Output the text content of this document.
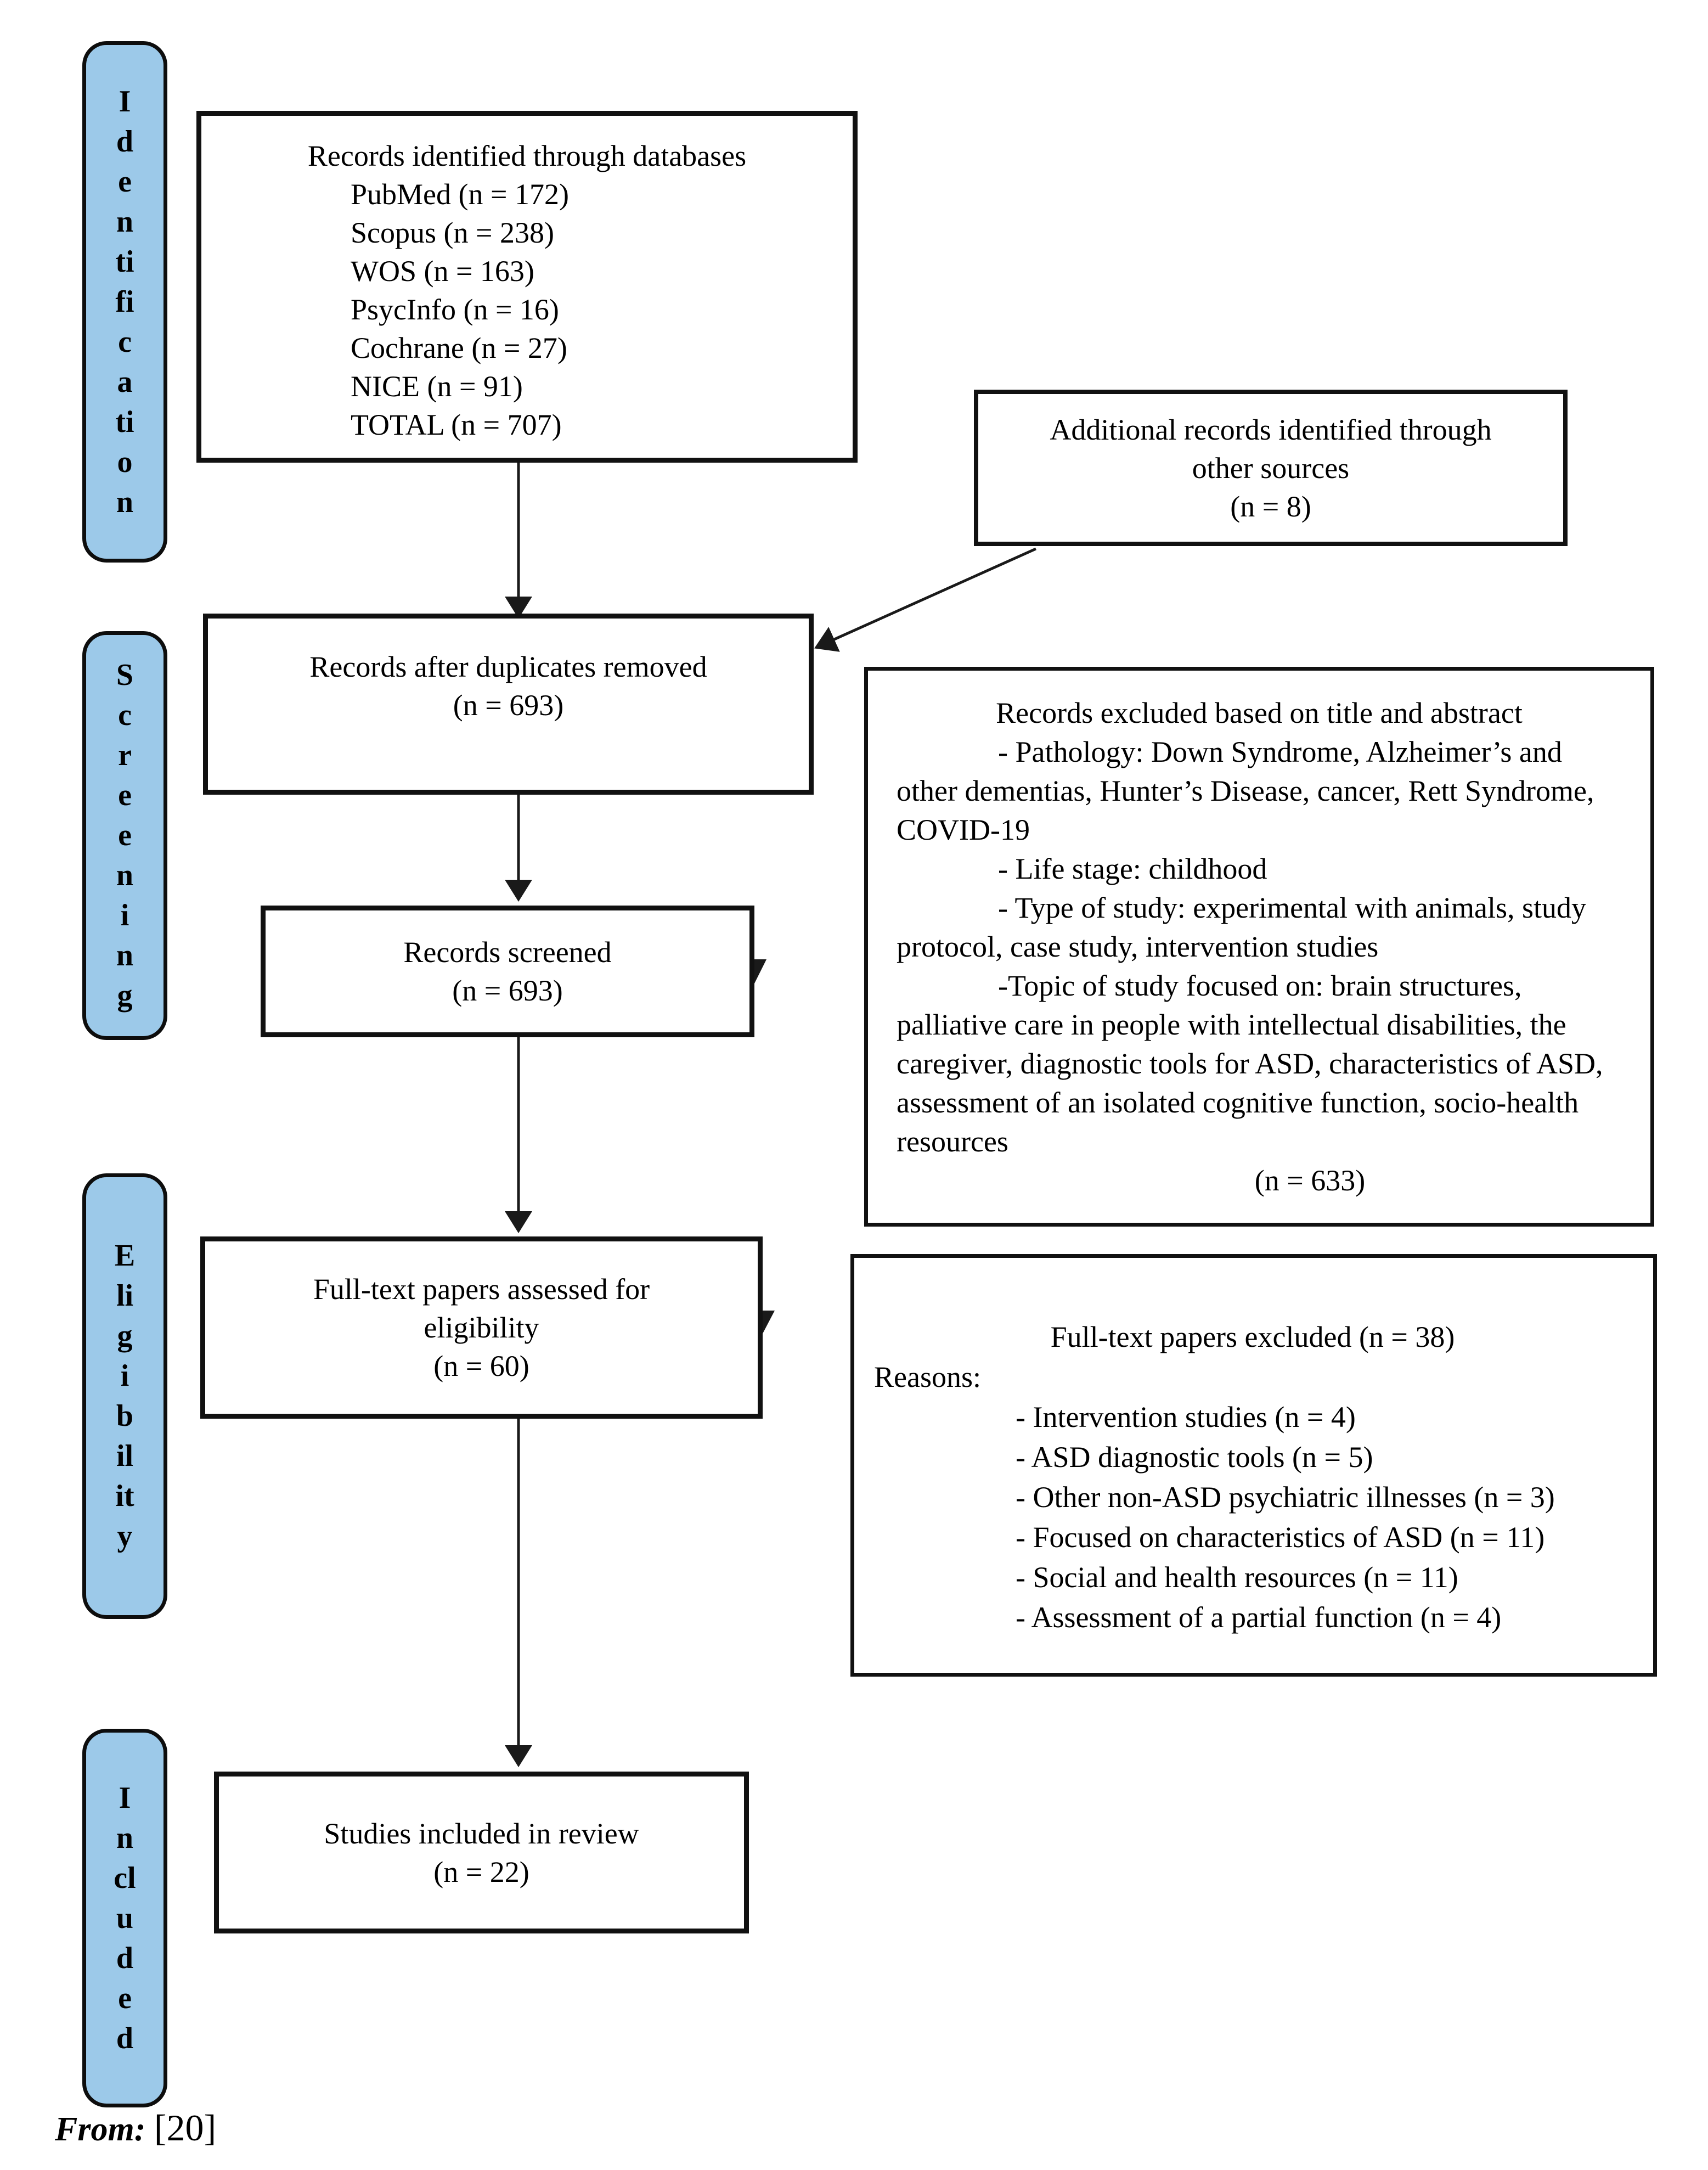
I
d
e
n
ti
fi
c
a
ti
o
n
S
c
r
e
e
n
i
n
g
E
li
g
i
b
il
it
y
I
n
cl
u
d
e
d
Records identified through databases
PubMed (n = 172)
Scopus (n = 238)
WOS (n = 163)
PsycInfo (n = 16)
Cochrane (n = 27)
NICE (n = 91)
TOTAL (n = 707)	Additional records identified through
other sources
(n = 8)
Records after duplicates removed
(n = 693)
Records screened
(n = 693)
Records excluded based on title and abstract

- Pathology: Down Syndrome, Alzheimer’s and other dementias, Hunter’s Disease, cancer, Rett Syndrome, COVID-19

- Life stage: childhood

- Type of study: experimental with animals, study protocol, case study, intervention studies

-Topic of study focused on: brain structures, palliative care in people with intellectual disabilities, the caregiver, diagnostic tools for ASD, characteristics of ASD, assessment of an isolated cognitive function, socio-health resources

(n = 633)

Full-text papers assessed for
eligibility
(n = 60)
Full-text papers excluded (n = 38)
Reasons:
- Intervention studies (n = 4)
- ASD diagnostic tools (n = 5)
- Other non-ASD psychiatric illnesses (n = 3)
- Focused on characteristics of ASD (n = 11)
- Social and health resources (n = 11)
- Assessment of a partial function (n = 4)
Studies included in review
(n = 22)
From: [20]
